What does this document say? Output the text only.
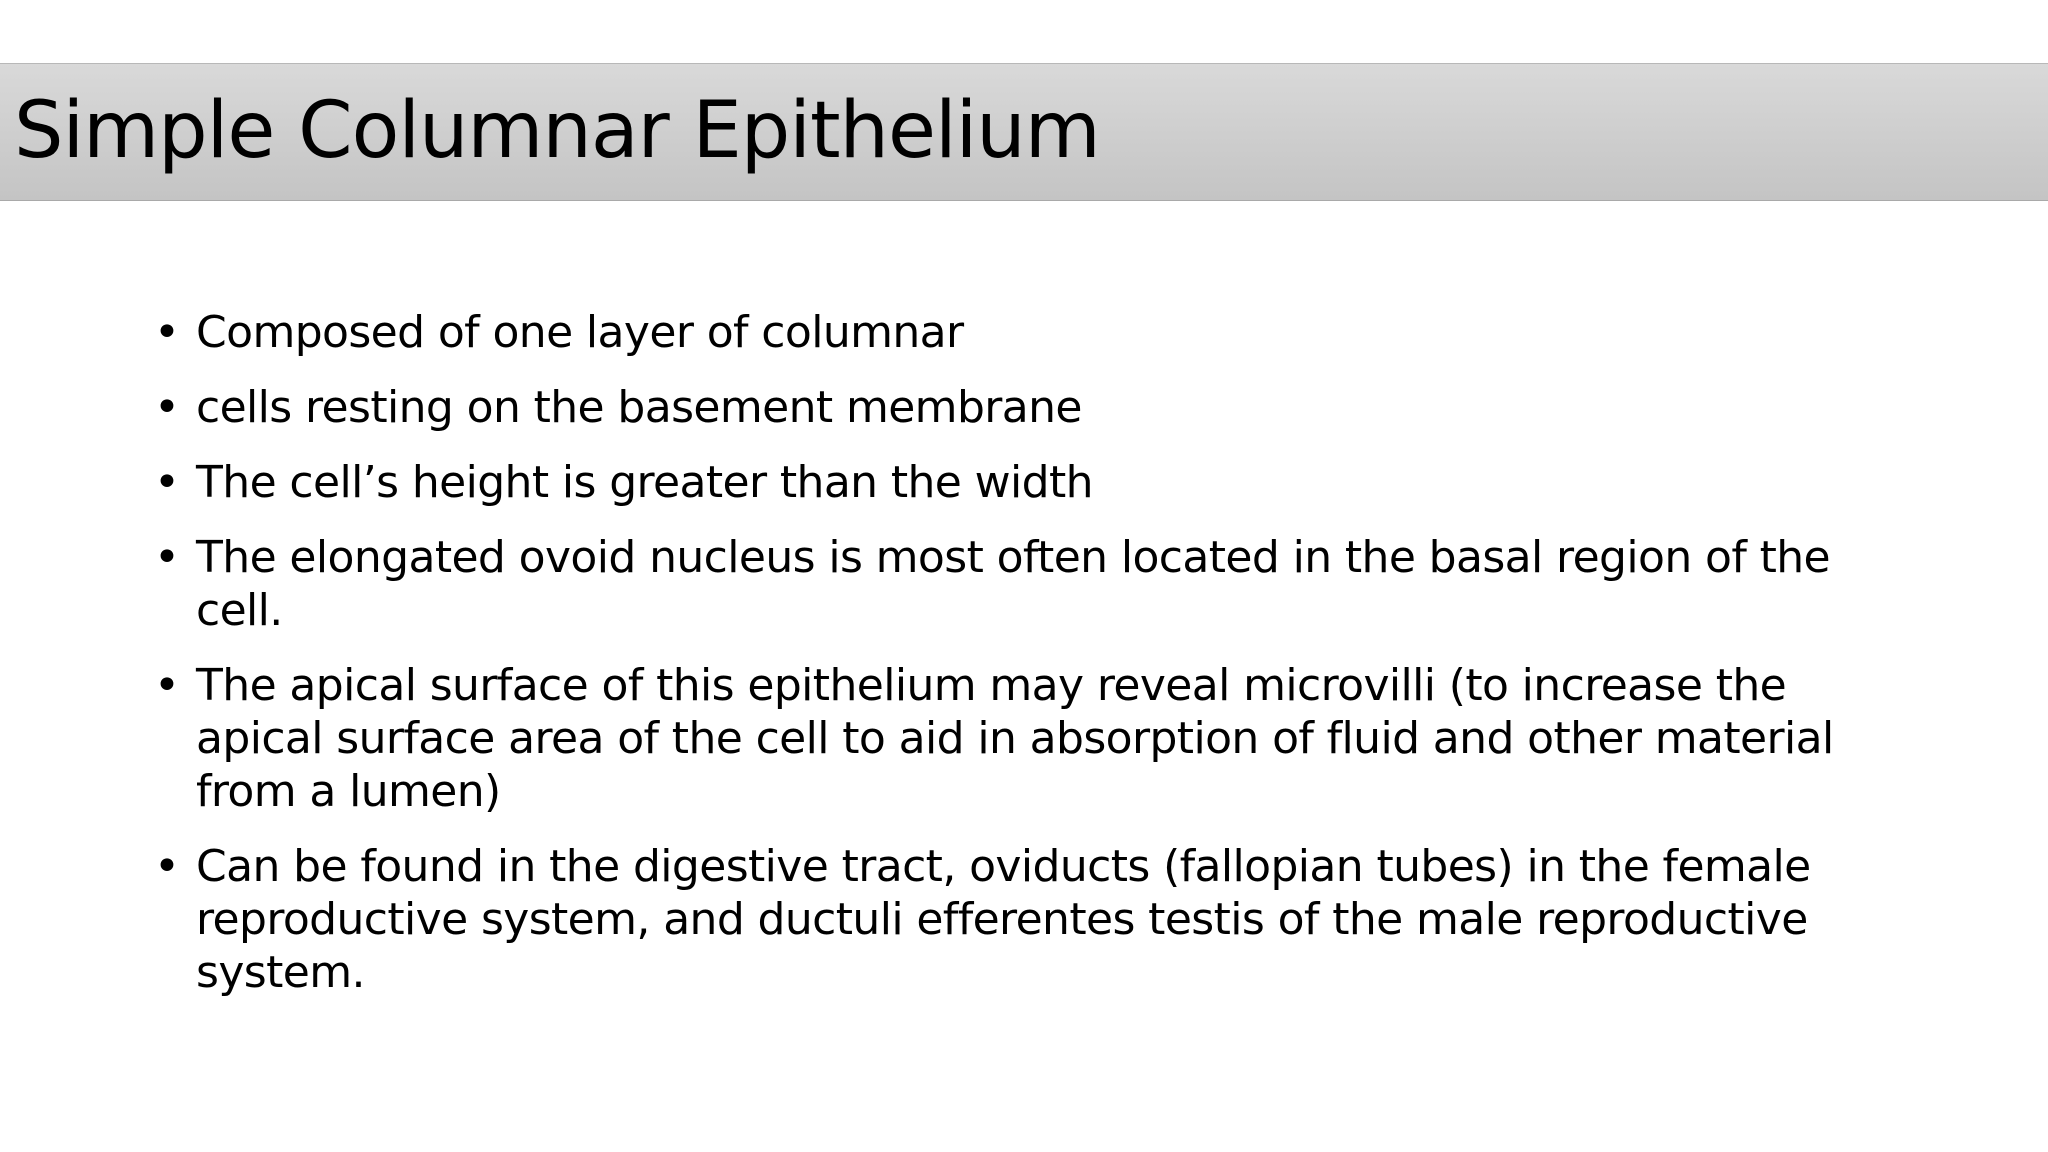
Simple Columnar Epithelium
• Composed of one layer of columnar
• cells resting on the basement membrane
• The cell’s height is greater than the width
• The elongated ovoid nucleus is most often located in the basal region of the cell.
• The apical surface of this epithelium may reveal microvilli (to increase the apical surface area of the cell to aid in absorption of fluid and other material from a lumen)
• Can be found in the digestive tract, oviducts (fallopian tubes) in the female reproductive system, and ductuli efferentes testis of the male reproductive system.
